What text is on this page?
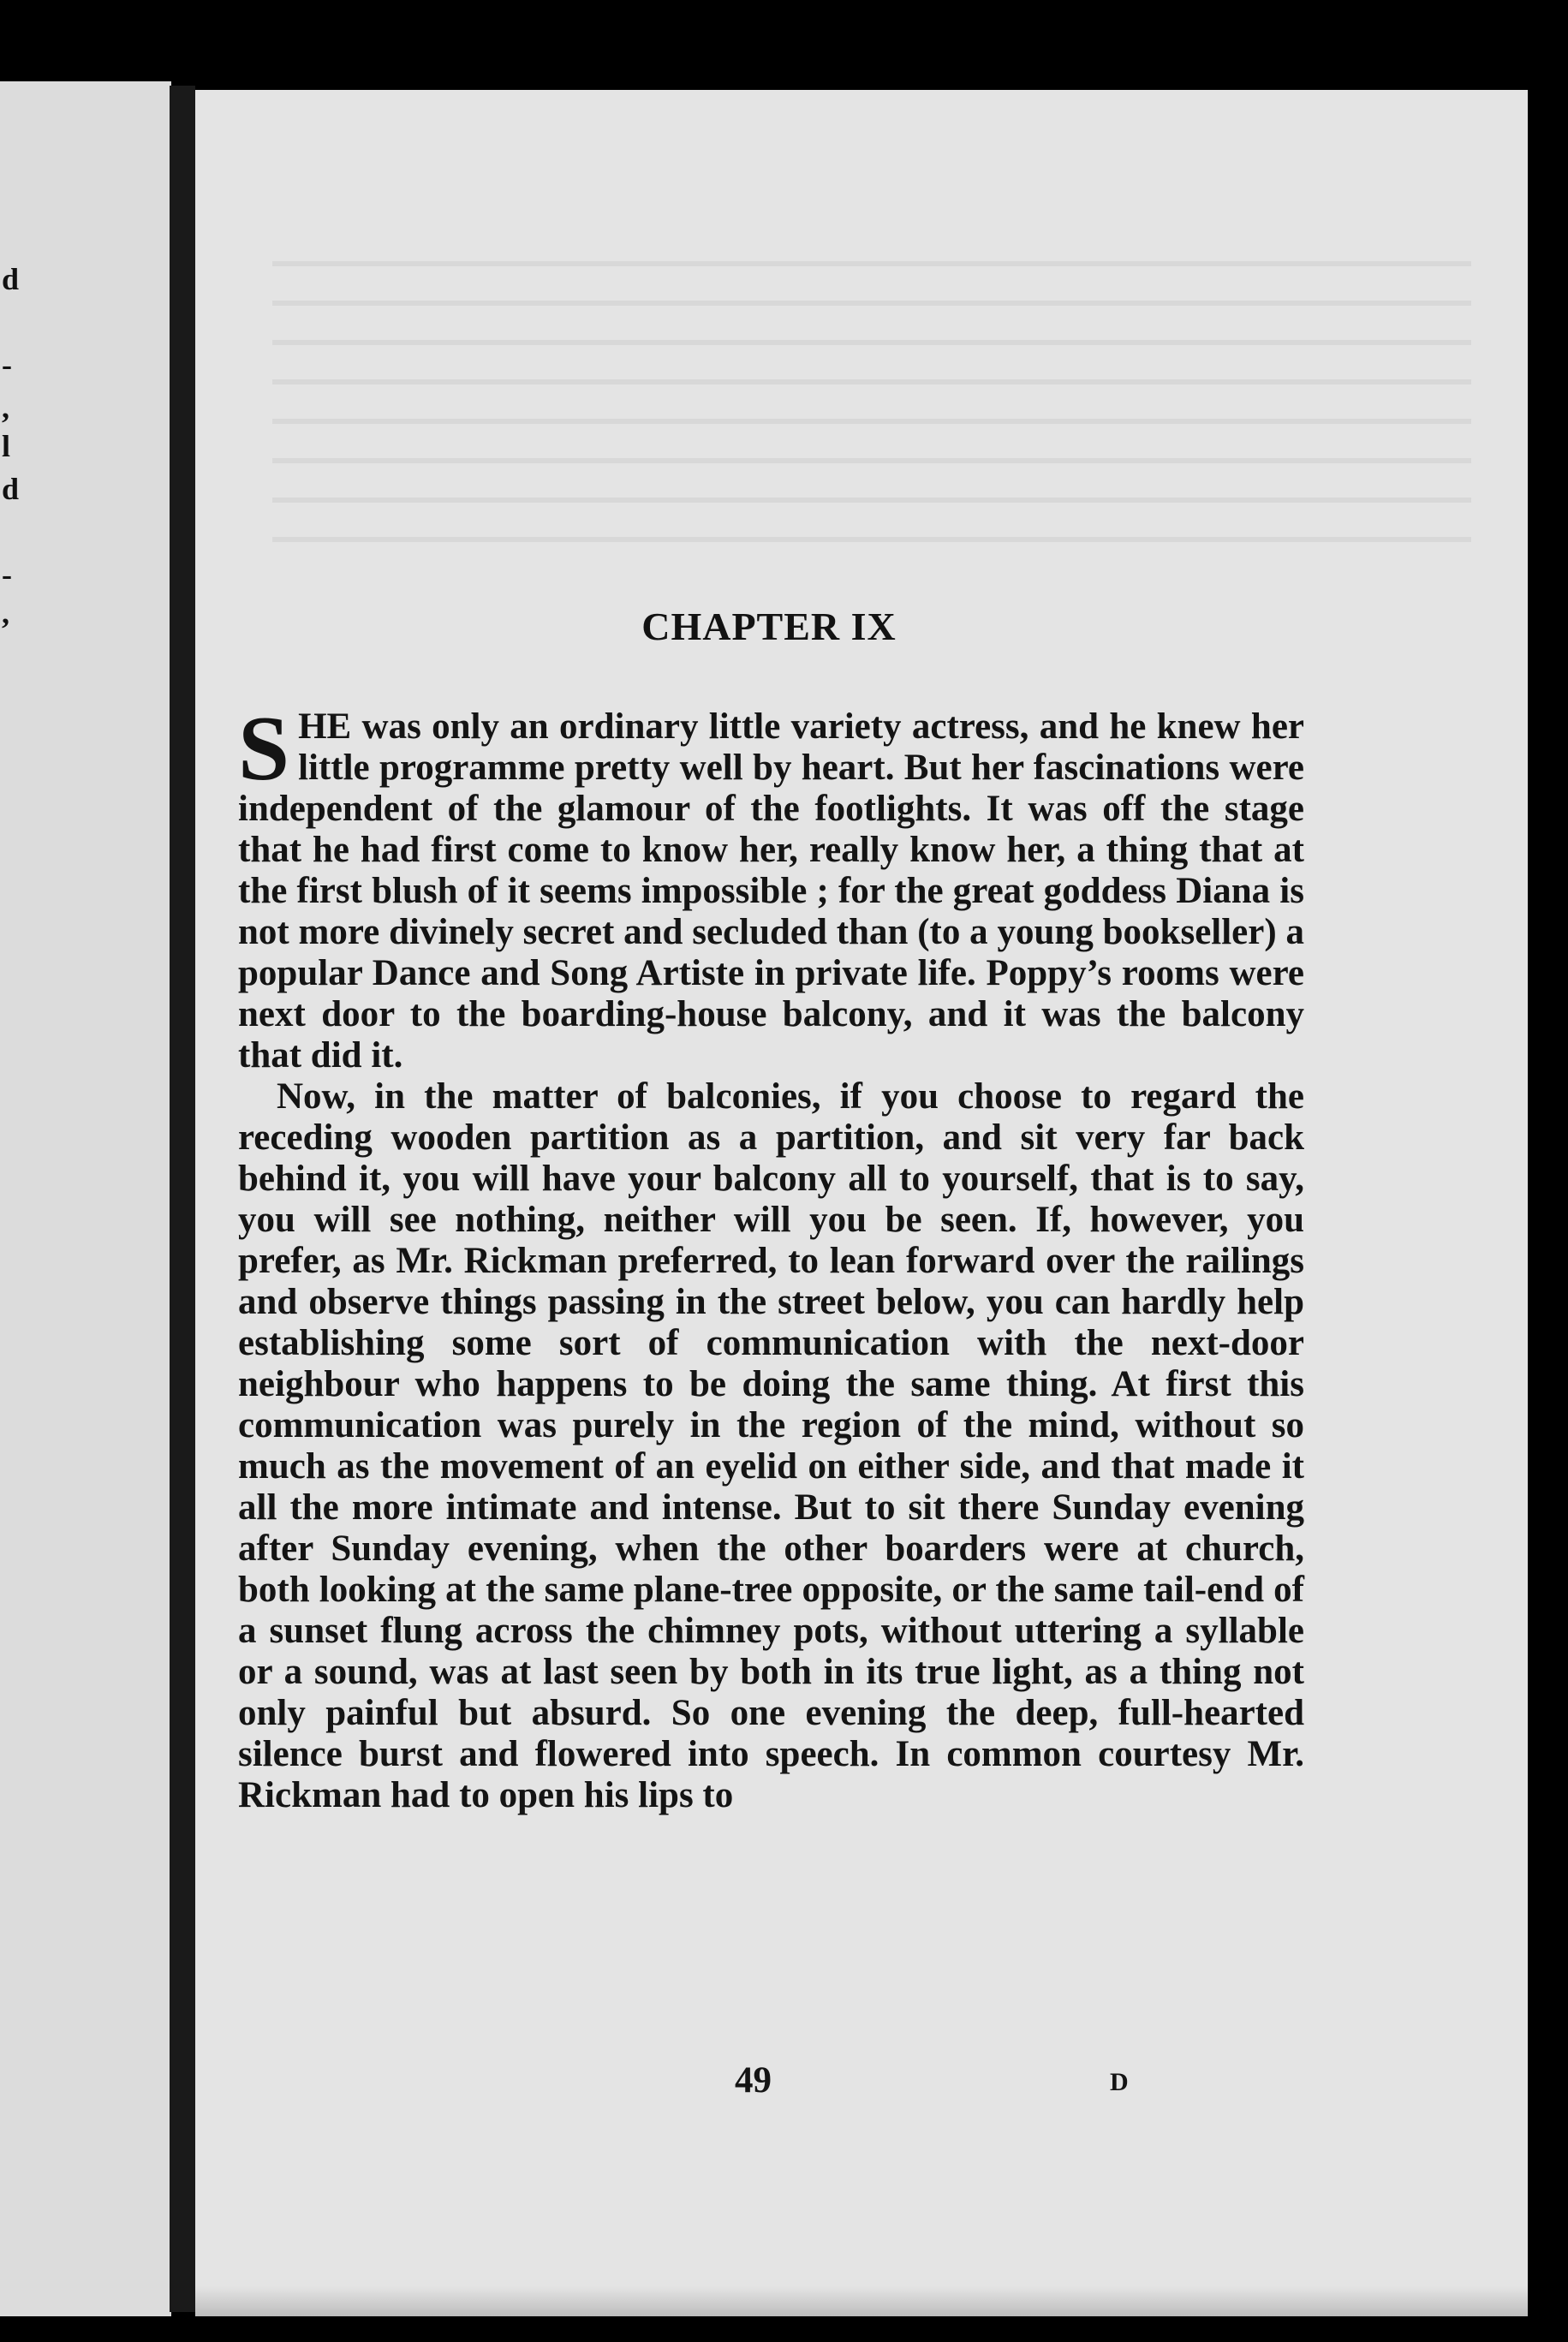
d
-
,
l
d
-
,	CHAPTER IX

S HE was only an ordinary little variety actress, and he knew her little programme pretty well by heart. But her fascinations were independent of the glamour of the footlights. It was off the stage that he had first come to know her, really know her, a thing that at the first blush of it seems impossible ; for the great goddess Diana is not more divinely secret and secluded than (to a young bookseller) a popular Dance and Song Artiste in private life. Poppy’s rooms were next door to the boarding-house balcony, and it was the balcony that did it.

Now, in the matter of balconies, if you choose to regard the receding wooden partition as a partition, and sit very far back behind it, you will have your balcony all to yourself, that is to say, you will see nothing, neither will you be seen. If, however, you prefer, as Mr. Rickman preferred, to lean forward over the railings and observe things passing in the street below, you can hardly help establishing some sort of communication with the next-door neighbour who happens to be doing the same thing. At first this communication was purely in the region of the mind, without so much as the movement of an eyelid on either side, and that made it all the more intimate and intense. But to sit there Sunday evening after Sunday evening, when the other boarders were at church, both looking at the same plane-tree opposite, or the same tail-end of a sunset flung across the chimney pots, without uttering a syllable or a sound, was at last seen by both in its true light, as a thing not only painful but absurd. So one evening the deep, full-hearted silence burst and flowered into speech. In common courtesy Mr. Rickman had to open his lips to

49	D
